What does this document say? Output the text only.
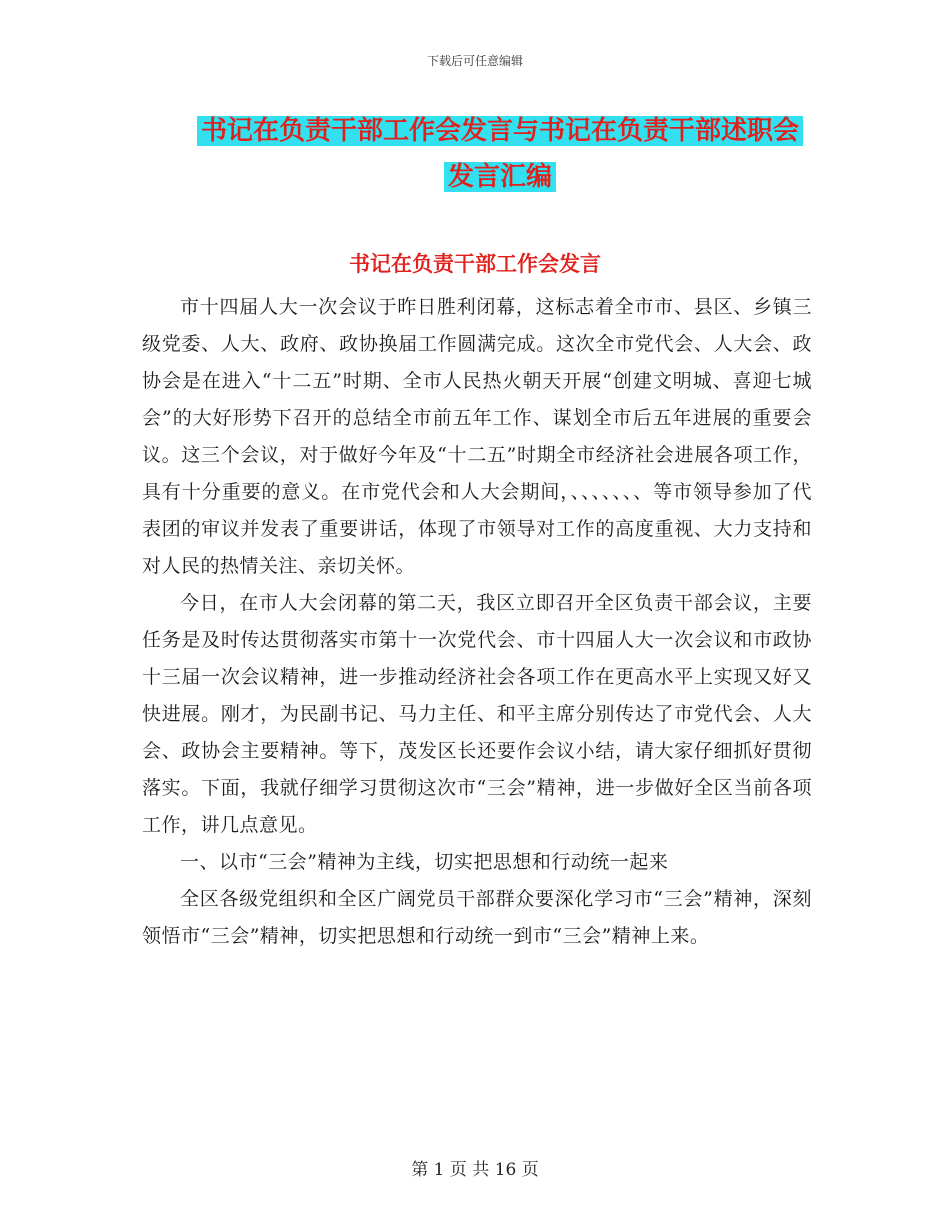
下载后可任意编辑
书记在负责干部工作会发言与书记在负责干部述职会
发言汇编
书记在负责干部工作会发言

市十四届人大一次会议于昨日胜利闭幕，这标志着全市市、县区、乡镇三级党委、人大、政府、政协换届工作圆满完成。这次全市党代会、人大会、政协会是在进入“十二五”时期、全市人民热火朝天开展“创建文明城、喜迎七城会”的大好形势下召开的总结全市前五年工作、谋划全市后五年进展的重要会议。这三个会议，对于做好今年及“十二五”时期全市经济社会进展各项工作，具有十分重要的意义。在市党代会和人大会期间，、、、、、、、等市领导参加了代表团的审议并发表了重要讲话，体现了市领导对工作的高度重视、大力支持和对人民的热情关注、亲切关怀。

今日，在市人大会闭幕的第二天，我区立即召开全区负责干部会议，主要任务是及时传达贯彻落实市第十一次党代会、市十四届人大一次会议和市政协十三届一次会议精神，进一步推动经济社会各项工作在更高水平上实现又好又快进展。刚才，为民副书记、马力主任、和平主席分别传达了市党代会、人大会、政协会主要精神。等下，茂发区长还要作会议小结，请大家仔细抓好贯彻落实。下面，我就仔细学习贯彻这次市“三会”精神，进一步做好全区当前各项工作，讲几点意见。

一、以市“三会”精神为主线，切实把思想和行动统一起来

全区各级党组织和全区广阔党员干部群众要深化学习市“三会”精神，深刻领悟市“三会”精神，切实把思想和行动统一到市“三会”精神上来。

第 1 页 共 16 页
